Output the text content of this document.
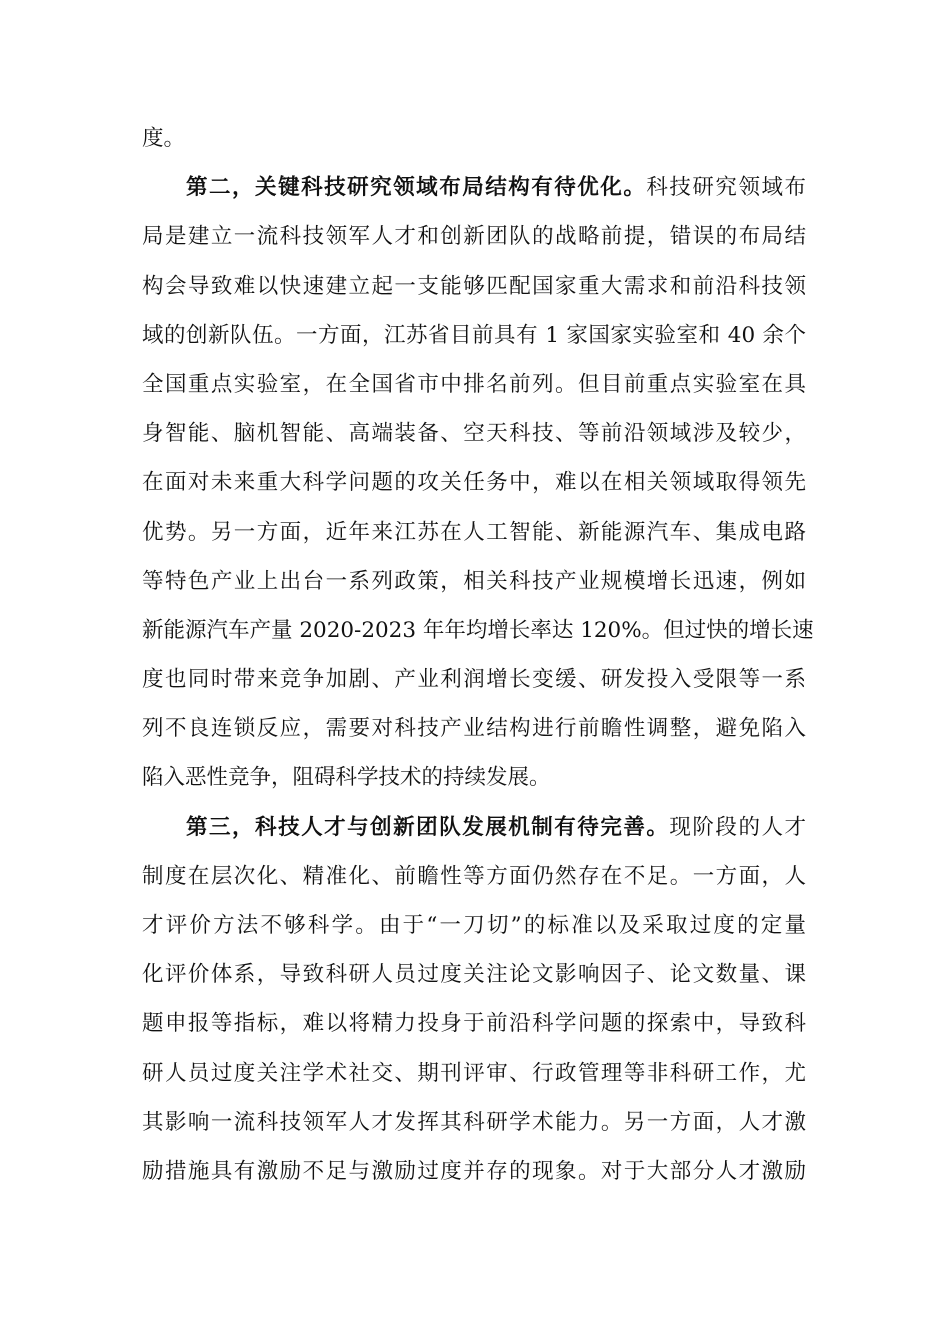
度。
第二，关键科技研究领域布局结构有待优化。科技研究领域布
局是建立一流科技领军人才和创新团队的战略前提，错误的布局结
构会导致难以快速建立起一支能够匹配国家重大需求和前沿科技领
域的创新队伍。一方面，江苏省目前具有 1 家国家实验室和 40 余个
全国重点实验室，在全国省市中排名前列。但目前重点实验室在具
身智能、脑机智能、高端装备、空天科技、等前沿领域涉及较少，
在面对未来重大科学问题的攻关任务中，难以在相关领域取得领先
优势。另一方面，近年来江苏在人工智能、新能源汽车、集成电路
等特色产业上出台一系列政策，相关科技产业规模增长迅速，例如
新能源汽车产量 2020-2023 年年均增长率达 120%。但过快的增长速
度也同时带来竞争加剧、产业利润增长变缓、研发投入受限等一系
列不良连锁反应，需要对科技产业结构进行前瞻性调整，避免陷入
陷入恶性竞争，阻碍科学技术的持续发展。
第三，科技人才与创新团队发展机制有待完善。现阶段的人才
制度在层次化、精准化、前瞻性等方面仍然存在不足。一方面，人
才评价方法不够科学。由于“一刀切”的标准以及采取过度的定量
化评价体系，导致科研人员过度关注论文影响因子、论文数量、课
题申报等指标，难以将精力投身于前沿科学问题的探索中，导致科
研人员过度关注学术社交、期刊评审、行政管理等非科研工作，尤
其影响一流科技领军人才发挥其科研学术能力。另一方面，人才激
励措施具有激励不足与激励过度并存的现象。对于大部分人才激励
